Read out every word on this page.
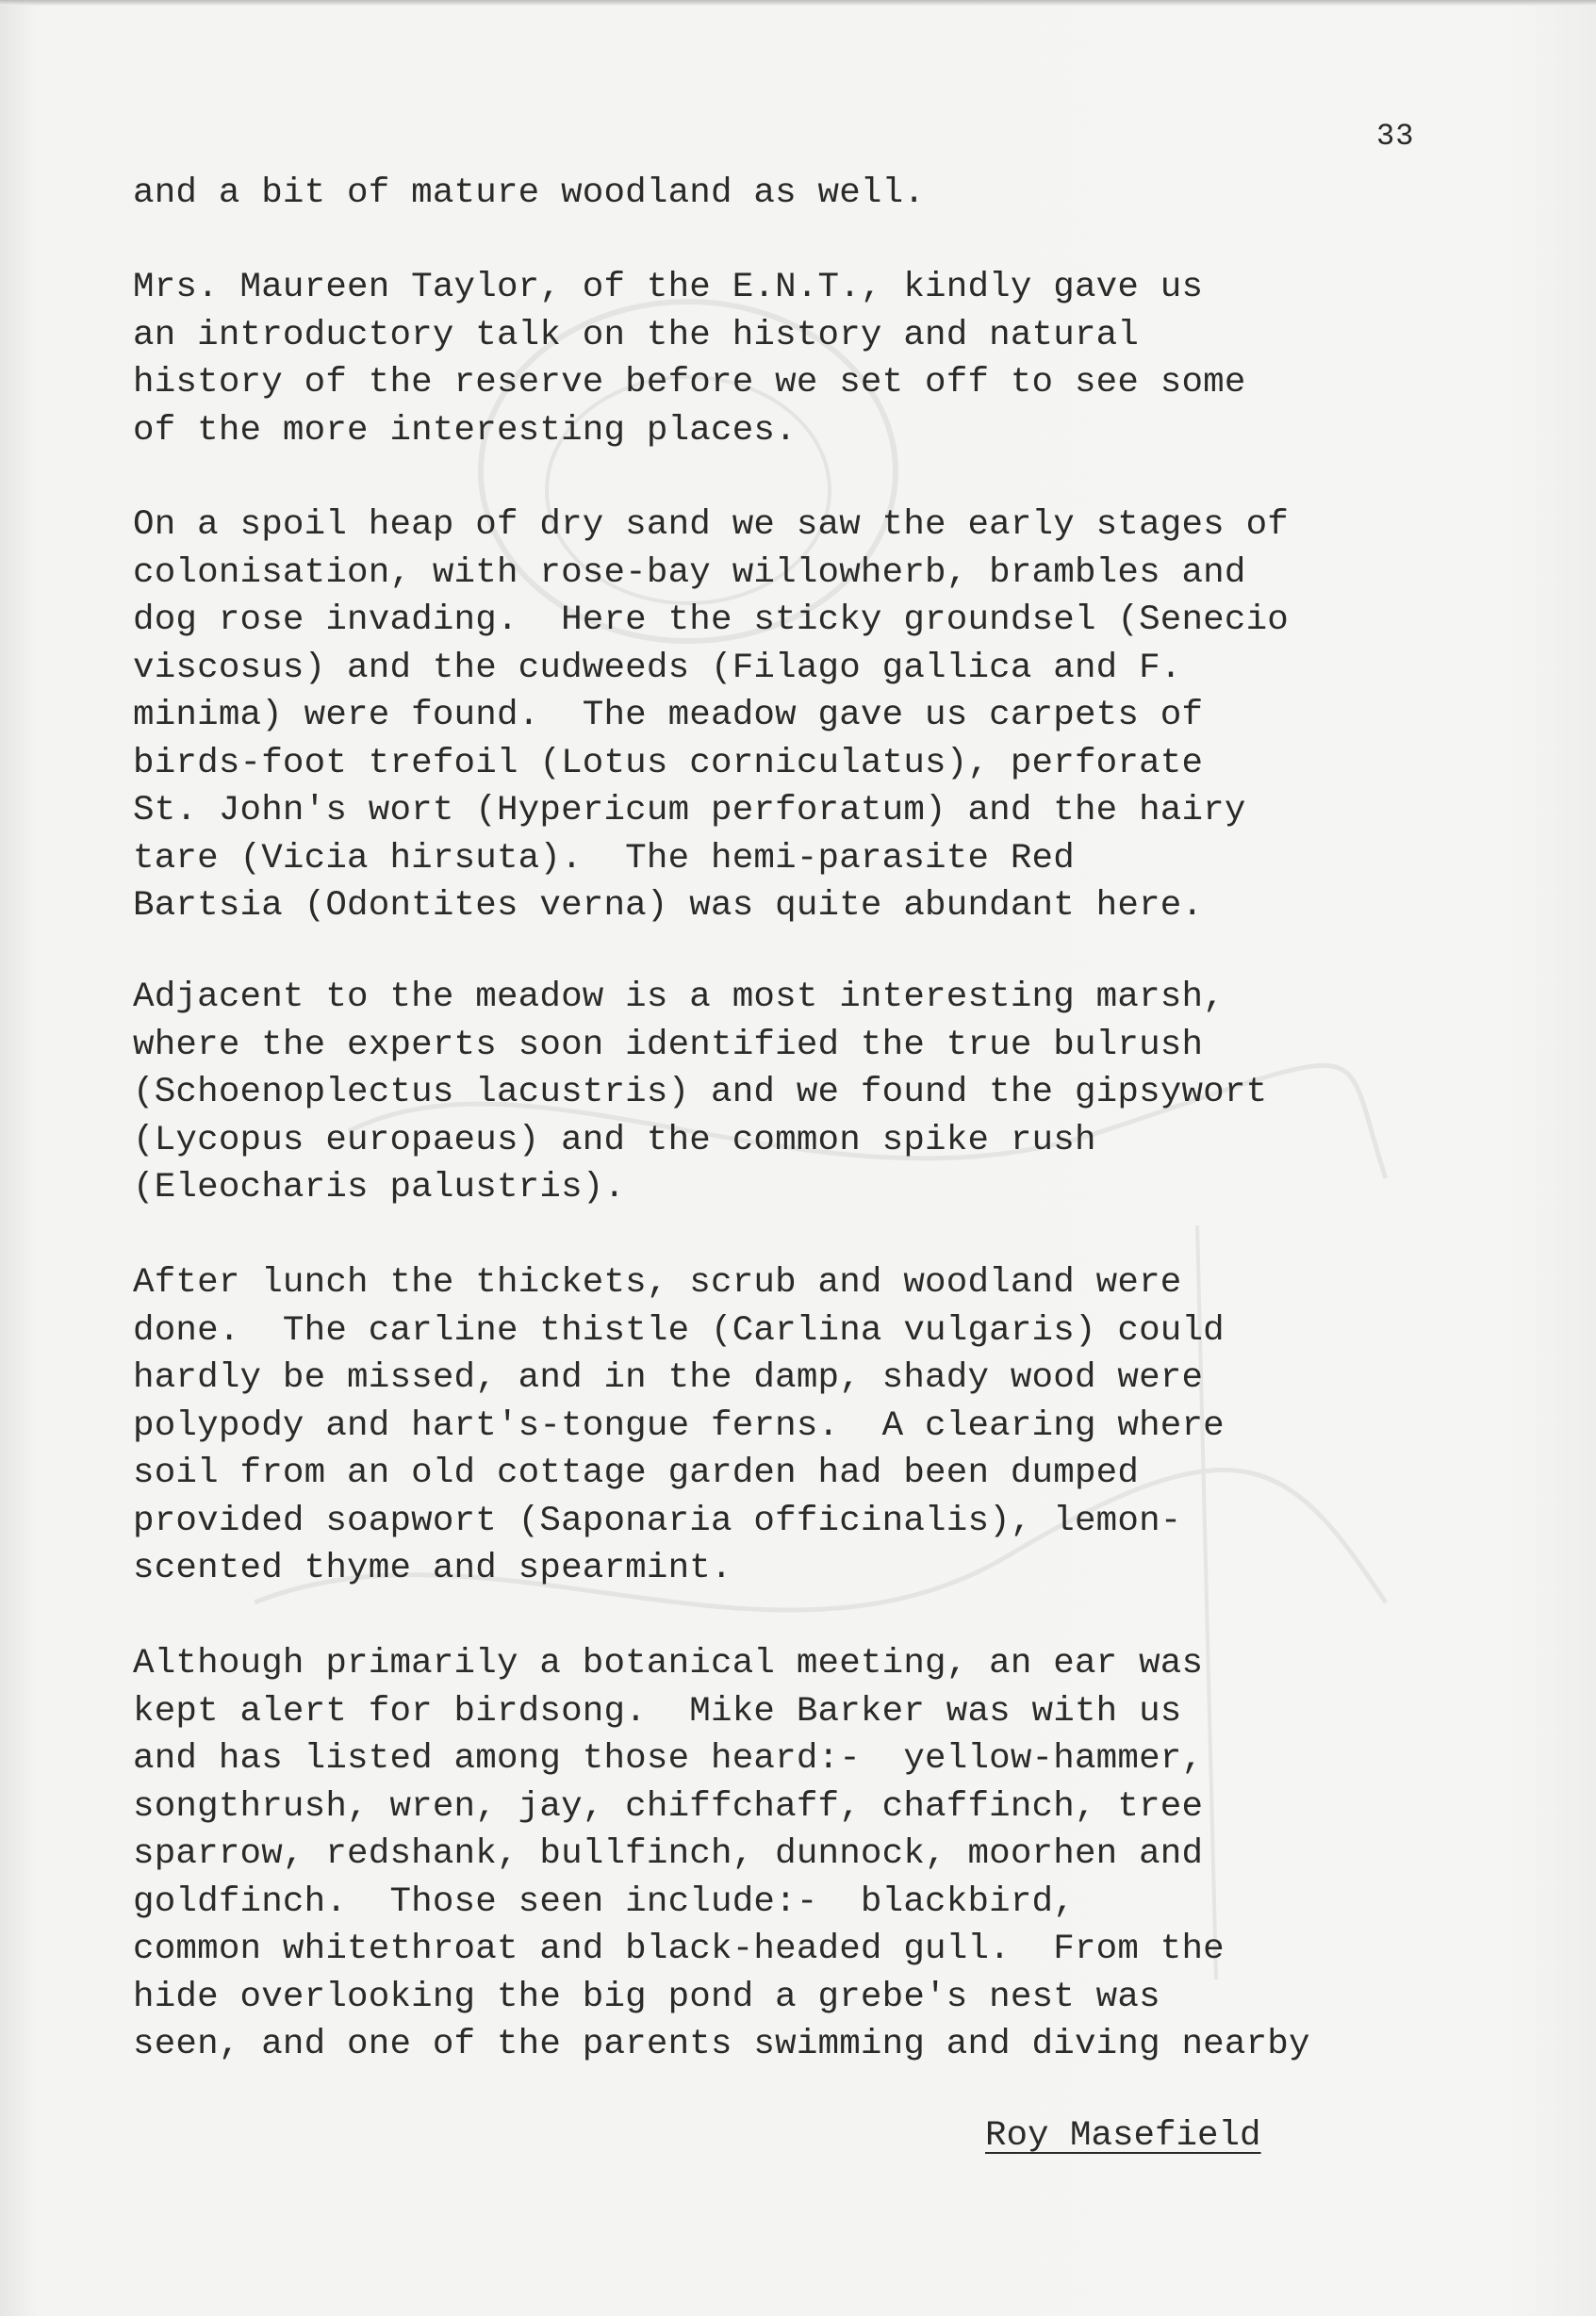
33

and a bit of mature woodland as well.

Mrs. Maureen Taylor, of the E.N.T., kindly gave us
an introductory talk on the history and natural
history of the reserve before we set off to see some
of the more interesting places.

On a spoil heap of dry sand we saw the early stages of
colonisation, with rose-bay willowherb, brambles and
dog rose invading.  Here the sticky groundsel (Senecio
viscosus) and the cudweeds (Filago gallica and F.
minima) were found.  The meadow gave us carpets of
birds-foot trefoil (Lotus corniculatus), perforate
St. John's wort (Hypericum perforatum) and the hairy
tare (Vicia hirsuta).  The hemi-parasite Red
Bartsia (Odontites verna) was quite abundant here.

Adjacent to the meadow is a most interesting marsh,
where the experts soon identified the true bulrush
(Schoenoplectus lacustris) and we found the gipsywort
(Lycopus europaeus) and the common spike rush
(Eleocharis palustris).

After lunch the thickets, scrub and woodland were
done.  The carline thistle (Carlina vulgaris) could
hardly be missed, and in the damp, shady wood were
polypody and hart's-tongue ferns.  A clearing where
soil from an old cottage garden had been dumped
provided soapwort (Saponaria officinalis), lemon-
scented thyme and spearmint.

Although primarily a botanical meeting, an ear was
kept alert for birdsong.  Mike Barker was with us
and has listed among those heard:-  yellow-hammer,
songthrush, wren, jay, chiffchaff, chaffinch, tree
sparrow, redshank, bullfinch, dunnock, moorhen and
goldfinch.  Those seen include:-  blackbird,
common whitethroat and black-headed gull.  From the
hide overlooking the big pond a grebe's nest was
seen, and one of the parents swimming and diving nearby

Roy Masefield
